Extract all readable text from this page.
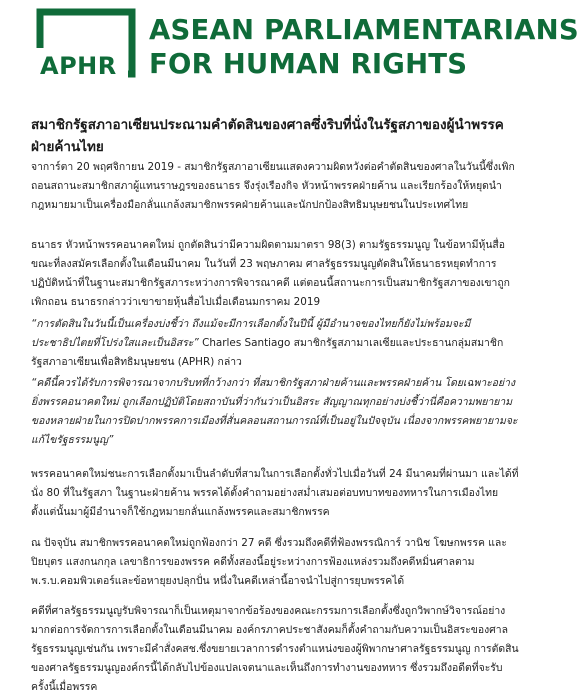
APHR
ASEAN PARLIAMENTARIANS
FOR HUMAN RIGHTS
สมาชิกรัฐสภาอาเซียนประณามคำตัดสินของศาลซึ่งริบที่นั่งในรัฐสภาของผู้นำพรรคฝ่ายค้านไทย

จาการ์ตา 20 พฤศจิกายน 2019 - สมาชิกรัฐสภาอาเซียนแสดงความผิดหวังต่อคำตัดสินของศาลในวันนี้ซึ่งเพิกถอนสถานะสมาชิกสภาผู้แทนราษฎรของธนาธร จึงรุ่งเรืองกิจ หัวหน้าพรรคฝ่ายค้าน และเรียกร้องให้หยุดนำกฎหมายมาเป็นเครื่องมือกลั่นแกล้งสมาชิกพรรคฝ่ายค้านและนักปกป้องสิทธิมนุษยชนในประเทศไทย

ธนาธร หัวหน้าพรรคอนาคตใหม่ ถูกตัดสินว่ามีความผิดตามมาตรา 98(3) ตามรัฐธรรมนูญ ในข้อหามีหุ้นสื่อขณะที่ลงสมัครเลือกตั้งในเดือนมีนาคม ในวันที่ 23 พฤษภาคม ศาลรัฐธรรมนูญตัดสินให้ธนาธรหยุดทำการปฏิบัติหน้าที่ในฐานะสมาชิกรัฐสภาระหว่างการพิจารณาคดี แต่ตอนนี้สถานะการเป็นสมาชิกรัฐสภาของเขาถูกเพิกถอน ธนาธรกล่าวว่าเขาขายหุ้นสื่อไปเมื่อเดือนมกราคม 2019

“การตัดสินในวันนี้เป็นเครื่องบ่งชี้ว่า ถึงแม้จะมีการเลือกตั้งในปีนี้ ผู้มีอำนาจของไทยก็ยังไม่พร้อมจะมีประชาธิปไตยที่โปร่งใสและเป็นอิสระ” Charles Santiago สมาชิกรัฐสภามาเลเซียและประธานกลุ่มสมาชิกรัฐสภาอาเซียนเพื่อสิทธิมนุษยชน (APHR) กล่าว

“คดีนี้ควรได้รับการพิจารณาจากบริบทที่กว้างกว่า ที่สมาชิกรัฐสภาฝ่ายค้านและพรรคฝ่ายค้าน โดยเฉพาะอย่างยิ่งพรรคอนาคตใหม่ ถูกเลือกปฏิบัติโดยสถาบันที่ว่ากันว่าเป็นอิสระ สัญญาณทุกอย่างบ่งชี้ว่านี่คือความพยายามของหลายฝ่ายในการปิดปากพรรคการเมืองที่สั่นคลอนสถานการณ์ที่เป็นอยู่ในปัจจุบัน เนื่องจากพรรคพยายามจะแก้ไขรัฐธรรมนูญ”

พรรคอนาคตใหม่ชนะการเลือกตั้งมาเป็นลำดับที่สามในการเลือกตั้งทั่วไปเมื่อวันที่ 24 มีนาคมที่ผ่านมา และได้ที่นั่ง 80 ที่ในรัฐสภา ในฐานะฝ่ายค้าน พรรคได้ตั้งคำถามอย่างสม่ำเสมอต่อบทบาทของทหารในการเมืองไทยตั้งแต่นั้นมาผู้มีอำนาจก็ใช้กฎหมายกลั่นแกล้งพรรคและสมาชิกพรรค

ณ ปัจจุบัน สมาชิกพรรคอนาคตใหม่ถูกฟ้องกว่า 27 คดี ซึ่งรวมถึงคดีที่ฟ้องพรรณิการ์ วานิช โฆษกพรรค และปิยบุตร แสงกนกกุล เลขาธิการของพรรค คดีทั้งสองนี้อยู่ระหว่างการฟ้องแหล่งรวมถึงคดีหมิ่นศาลตาม พ.ร.บ.คอมพิวเตอร์และข้อหายุยงปลุกปั่น หนึ่งในคดีเหล่านี้อาจนำไปสู่การยุบพรรคได้

คดีที่ศาลรัฐธรรมนูญรับพิจารณาก็เป็นเหตุมาจากข้อร้องของคณะกรรมการเลือกตั้งซึ่งถูกวิพากษ์วิจารณ์อย่างมากต่อการจัดการการเลือกตั้งในเดือนมีนาคม องค์กรภาคประชาสังคมก็ตั้งคำถามกับความเป็นอิสระของศาลรัฐธรรมนูญเช่นกัน เพราะมีคำสั่งคสช.ซึ่งขยายเวลาการดำรงตำแหน่งของผู้พิพากษาศาลรัฐธรรมนูญ การตัดสินของศาลรัฐธรรมนูญองค์กรนี้ได้กลับไปข้องแปลเจตนาและเห็นถึงการทำงานของทหาร ซึ่งรวมถึงอดีตที่จะรับครั้งนี้เมื่อพรรค
